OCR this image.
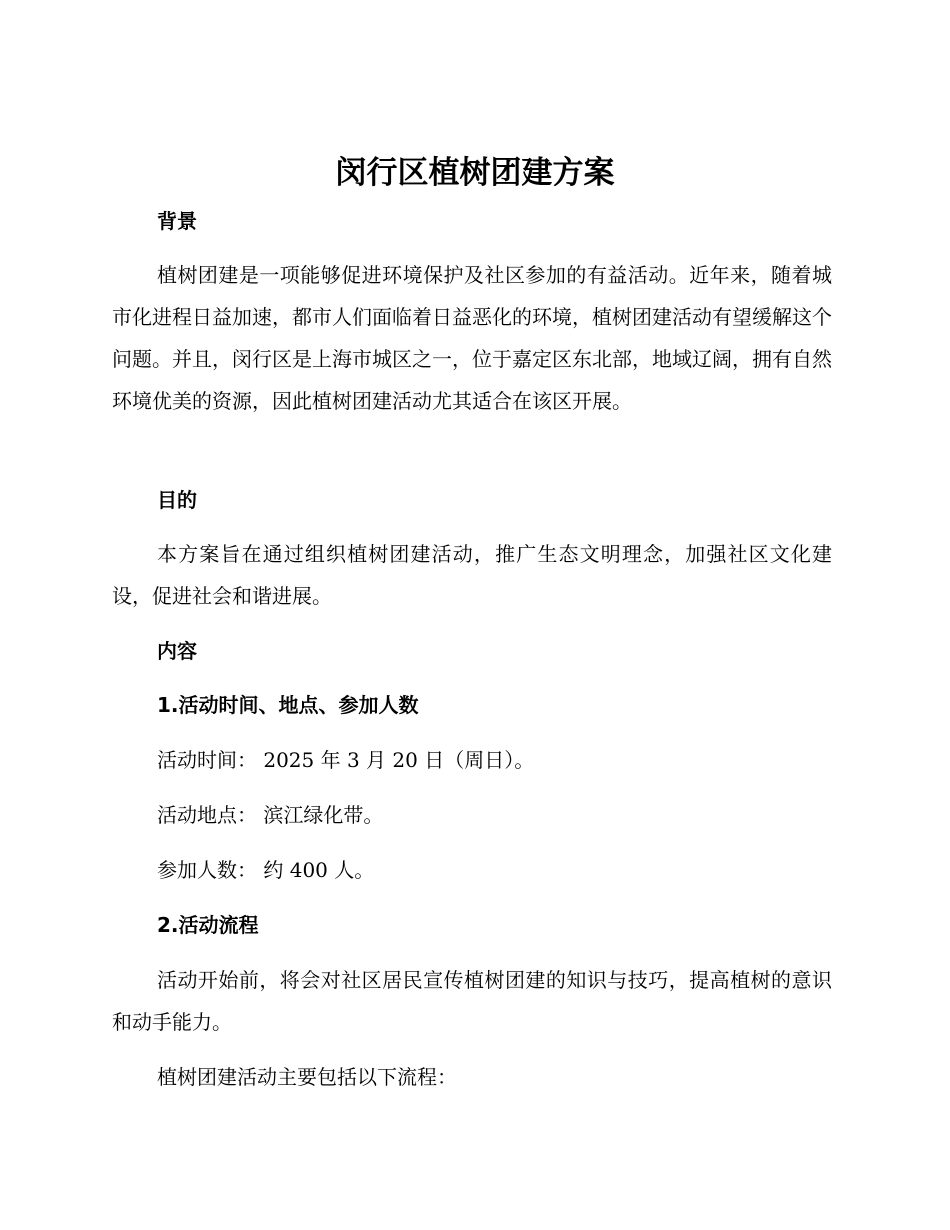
闵行区植树团建方案
背景
植树团建是一项能够促进环境保护及社区参加的有益活动。近年来，随着城市化进程日益加速，都市人们面临着日益恶化的环境，植树团建活动有望缓解这个问题。并且，闵行区是上海市城区之一，位于嘉定区东北部，地域辽阔，拥有自然环境优美的资源，因此植树团建活动尤其适合在该区开展。
目的
本方案旨在通过组织植树团建活动，推广生态文明理念，加强社区文化建设，促进社会和谐进展。
内容
1.活动时间、地点、参加人数
活动时间： 2025 年 3 月 20 日（周日）。
活动地点： 滨江绿化带。
参加人数： 约 400 人。
2.活动流程
活动开始前，将会对社区居民宣传植树团建的知识与技巧，提高植树的意识和动手能力。
植树团建活动主要包括以下流程：
